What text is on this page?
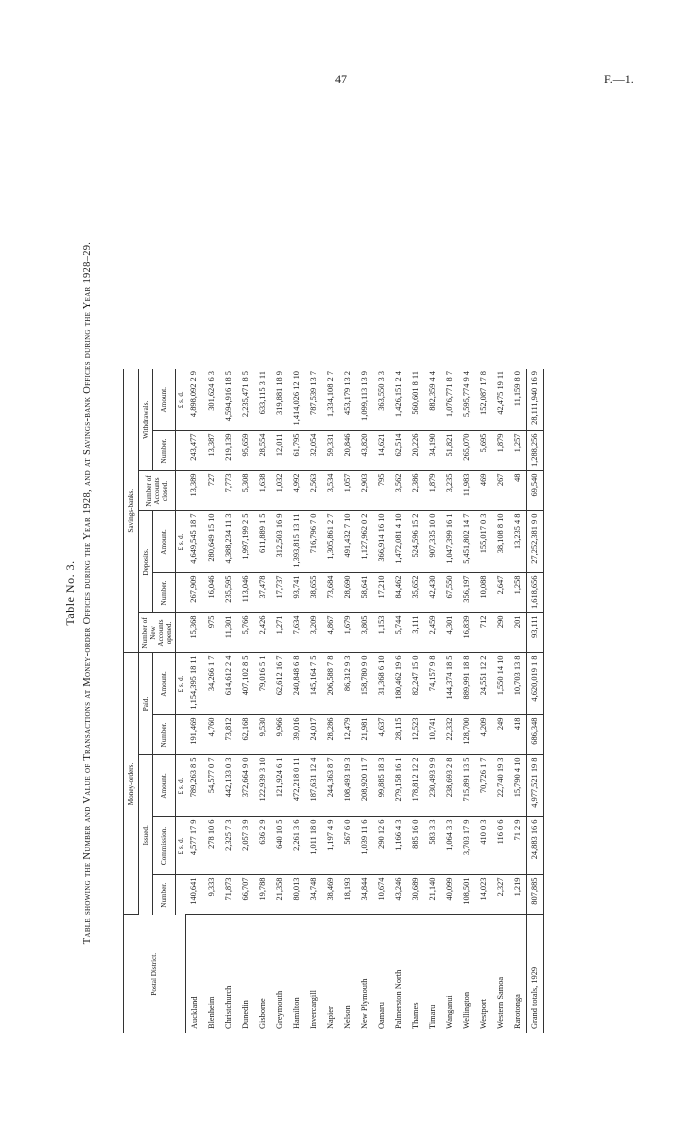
47	F.—1.
Table No. 3. Table showing the Number and Value of Transactions at Money-order Offices during the Year 1928, and at Savings-bank Offices during the Year 1928–29.
Postal District.	Money-orders.					Savings-banks.					
	Issued.			Paid.		Number of New Accounts opened.	Deposits.		Number of Accounts closed.	Withdrawals.	
	Number.	Commission.	Amount.	Number.	Amount.		Number.	Amount.		Number.	Amount.
		£ s. d.	£ s. d.		£ s. d.			£ s. d.			£ s. d.
Auckland	140,641	4,577 17 9	789,263 8 5	191,469	1,154,395 18 11	15,368	267,909	4,649,545 18 7	13,389	243,477	4,898,092 2 9
Blenheim	9,333	278 10 6	54,577 0 7	4,760	34,266 1 7	975	16,046	280,649 15 10	727	13,387	301,624 6 3
Christchurch	71,873	2,325 7 3	442,133 0 3	73,812	614,612 2 4	11,301	235,595	4,388,234 11 3	7,773	219,139	4,594,916 18 5
Dunedin	66,707	2,057 3 9	372,664 9 0	62,168	407,102 8 5	5,766	113,046	1,997,199 2 5	5,308	95,659	2,235,471 8 5
Gisborne	19,788	636 2 9	122,939 3 10	9,530	79,016 5 1	2,426	37,478	611,889 1 5	1,638	28,554	633,115 3 11
Greymouth	21,358	640 10 5	121,924 6 1	9,966	62,612 16 7	1,271	17,737	312,503 16 9	1,032	12,011	319,881 18 9
Hamilton	80,013	2,261 3 6	472,218 0 11	39,016	240,848 6 8	7,634	93,741	1,393,815 13 11	4,992	61,795	1,414,026 12 10
Invercargill	34,748	1,011 18 0	187,631 12 4	24,017	145,164 7 5	3,209	38,655	716,796 7 0	2,563	32,054	787,539 13 7
Napier	38,469	1,197 4 9	244,363 8 7	28,286	206,588 7 8	4,867	73,684	1,305,861 2 7	3,534	59,331	1,334,108 2 7
Nelson	18,193	567 6 0	108,493 19 3	12,479	86,312 9 3	1,679	28,690	491,432 7 10	1,057	20,846	453,179 13 2
New Plymouth	34,844	1,039 11 6	208,920 11 7	21,981	158,780 9 0	3,805	58,641	1,127,962 0 2	2,903	43,820	1,099,113 13 9
Oamaru	10,674	290 12 6	99,885 18 3	4,637	31,368 6 10	1,153	17,210	366,914 16 10	795	14,621	363,550 3 3
Palmerston North	43,246	1,166 4 3	279,158 16 1	28,115	180,462 19 6	5,744	84,462	1,472,081 4 10	3,562	62,514	1,426,151 2 4
Thames	30,689	885 16 0	178,812 12 2	12,523	82,247 15 0	3,111	35,652	524,596 15 2	2,386	20,226	560,601 8 11
Timaru	21,140	583 3 3	230,493 9 9	10,741	74,157 9 8	2,459	42,430	907,335 10 0	1,879	34,190	882,359 4 4
Wanganui	40,099	1,064 3 3	238,693 2 8	22,332	144,374 18 5	4,301	67,550	1,047,399 16 1	3,235	51,821	1,076,771 8 7
Wellington	108,501	3,703 17 9	715,891 13 5	128,700	889,991 18 8	16,839	356,197	5,451,802 14 7	11,983	265,070	5,595,774 9 4
Westport	14,023	410 0 3	70,726 1 7	4,209	24,551 12 2	712	10,088	155,017 0 3	469	5,695	152,087 17 8
Western Samoa	2,327	116 0 6	22,740 19 3	249	1,550 14 10	290	2,647	38,108 8 10	267	1,879	42,475 19 11
Rarotonga	1,219	71 2 9	15,790 4 10	418	10,703 13 8	201	1,258	13,235 4 8	48	1,257	11,159 8 0
Grand totals, 1929	807,885	24,883 16 6	4,977,521 19 8	686,348	4,620,019 1 8	93,111	1,618,656	27,252,381 9 0	69,540	1,288,256	28,111,940 16 9
